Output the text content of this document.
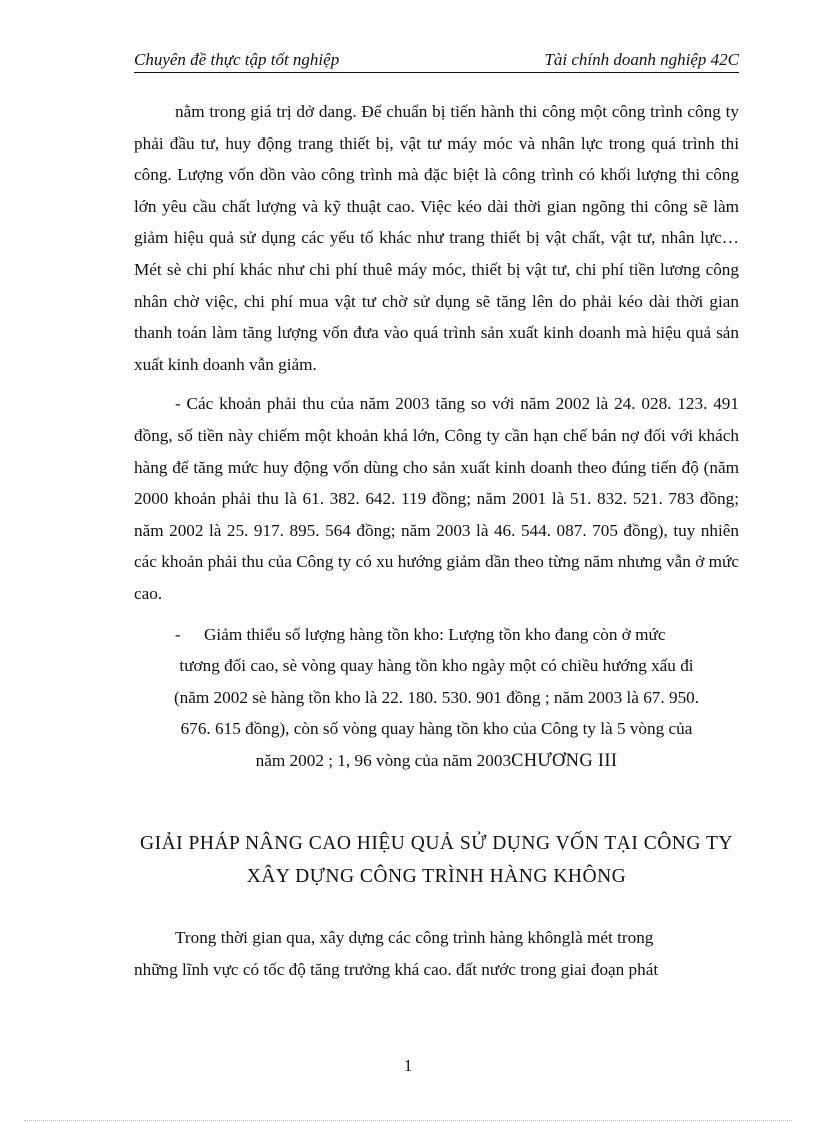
Chuyên đề thực tập tốt nghiệp	Tài chính doanh nghiệp 42C

nằm trong giá trị dở dang. Để chuẩn bị tiến hành thi công một công trình công ty phải đầu tư, huy động trang thiết bị, vật tư máy móc và nhân lực trong quá trình thi công. Lượng vốn dồn vào công trình mà đặc biệt là công trình có khối lượng thi công lớn yêu cầu chất lượng và kỹ thuật cao. Việc kéo dài thời gian ngõng thi công sẽ làm giảm hiệu quả sử dụng các yếu tố khác như trang thiết bị vật chất, vật tư, nhân lực… Mét sè chi phí khác như chi phí thuê máy móc, thiết bị vật tư, chi phí tiền lương công nhân chờ việc, chi phí mua vật tư chờ sử dụng sẽ tăng lên do phải kéo dài thời gian thanh toán làm tăng lượng vốn đưa vào quá trình sản xuất kinh doanh mà hiệu quả sản xuất kinh doanh vẫn giảm.

- Các khoản phải thu của năm 2003 tăng so với năm 2002 là 24. 028. 123. 491 đồng, số tiền này chiếm một khoản khá lớn, Công ty cần hạn chế bán nợ đối với khách hàng để tăng mức huy động vốn dùng cho sản xuất kinh doanh theo đúng tiến độ (năm 2000 khoản phải thu là 61. 382. 642. 119 đồng; năm 2001 là 51. 832. 521. 783 đồng; năm 2002 là 25. 917. 895. 564 đồng; năm 2003 là 46. 544. 087. 705 đồng), tuy nhiên các khoản phải thu của Công ty có xu hướng giảm dần theo từng năm nhưng vẫn ở mức cao.

-	Giảm thiểu số lượng hàng tồn kho: Lượng tồn kho đang còn ở mức
tương đối cao, sè vòng quay hàng tồn kho ngày một có chiều hướng xấu đi
(năm 2002 sè hàng tồn kho là 22. 180. 530. 901 đồng ; năm 2003 là 67. 950.
676. 615 đồng), còn số vòng quay hàng tồn kho của Công ty là 5 vòng của
năm 2002 ; 1, 96 vòng của năm 2003CHƯƠNG III
GIẢI PHÁP NÂNG CAO HIỆU QUẢ SỬ DỤNG VỐN TẠI CÔNG TY
XÂY DỰNG CÔNG TRÌNH HÀNG KHÔNG

Trong thời gian qua, xây dựng các công trình hàng khônglà mét trong

những lĩnh vực có tốc độ tăng trưởng khá cao. đất nước trong giai đoạn phát

1
